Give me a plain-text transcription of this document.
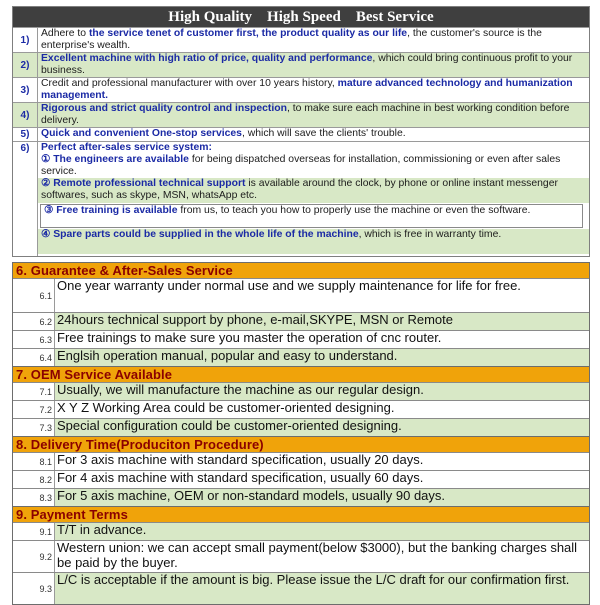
High Quality    High Speed    Best Service
1)
Adhere to the service tenet of customer first, the product quality as our life, the customer's source is the enterprise's wealth.
2)
Excellent machine with high ratio of price, quality and performance, which could bring continuous profit to your business.
3)
Credit and professional manufacturer with over 10 years history, mature advanced technology and humanization management.
4)
Rigorous and strict quality control and inspection, to make sure each machine in best working condition before delivery.
5)	Quick and convenient One-stop services, which will save the clients' trouble.
6)	Perfect after-sales service system:
① The engineers are available for being dispatched overseas for installation, commissioning or even after sales service.
② Remote professional technical support is available around the clock, by phone or online instant messenger softwares, such as skype, MSN, whatsApp etc.
③ Free training is available from us, to teach you how to properly use the machine or even the software.
④ Spare parts could be supplied in the whole life of the machine, which is free in warranty time.
6. Guarantee & After-Sales Service
6.1
One year warranty under normal use and we supply maintenance for life for free.
6.2 24hours technical support by phone, e-mail,SKYPE, MSN or Remote
6.3 Free trainings to make sure you master the operation of cnc router.
6.4 Englsih operation manual, popular and easy to understand.
7. OEM Service Available
7.1 Usually, we will manufacture the machine as our regular design.
7.2 X Y Z Working Area could be customer-oriented designing.
7.3 Special configuration could be customer-oriented designing.
8. Delivery Time(Produciton Procedure)
8.1 For 3 axis machine with standard specification, usually 20 days.
8.2 For 4 axis machine with standard specification, usually 60 days.
8.3 For 5 axis machine, OEM or non-standard models, usually 90 days.
9. Payment Terms
9.1 T/T in advance.
9.2
Western union: we can accept small payment(below $3000), but the banking charges shall be paid by the buyer.
9.3
L/C is acceptable if the amount is big. Please issue the L/C draft for our confirmation first.
